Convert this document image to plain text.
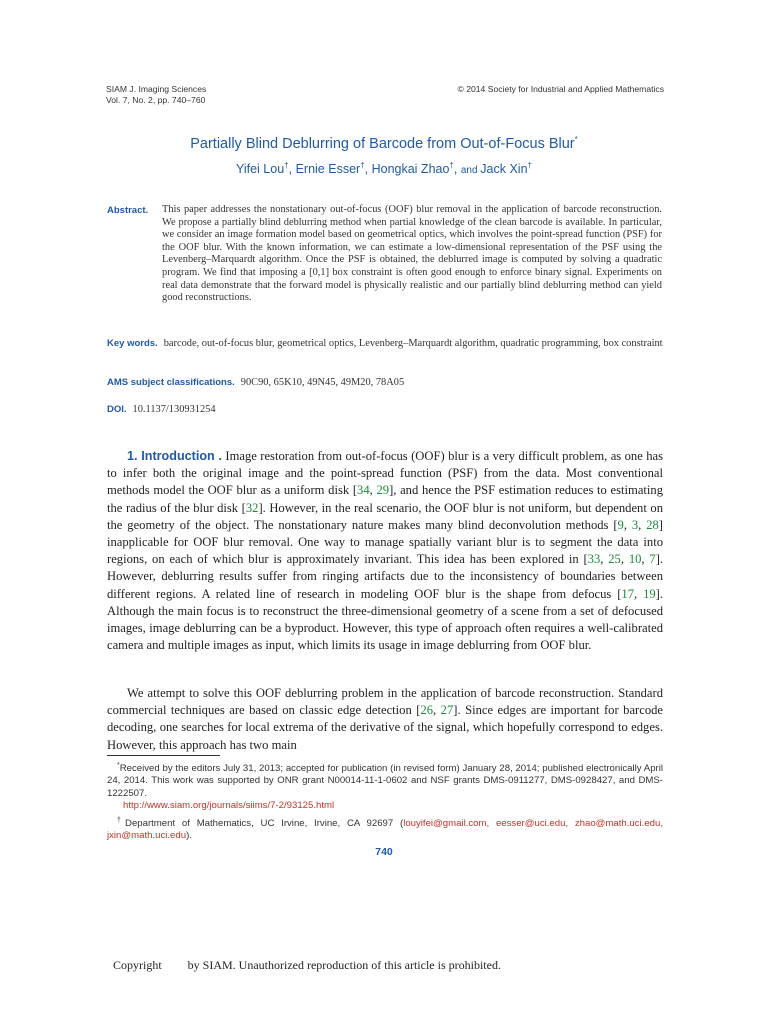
SIAM J. Imaging Sciences
Vol. 7, No. 2, pp. 740–760
© 2014 Society for Industrial and Applied Mathematics
Partially Blind Deblurring of Barcode from Out-of-Focus Blur*
Yifei Lou†, Ernie Esser†, Hongkai Zhao†, and Jack Xin†
Abstract. This paper addresses the nonstationary out-of-focus (OOF) blur removal in the application of barcode reconstruction. We propose a partially blind deblurring method when partial knowledge of the clean barcode is available. In particular, we consider an image formation model based on geometrical optics, which involves the point-spread function (PSF) for the OOF blur. With the known information, we can estimate a low-dimensional representation of the PSF using the Levenberg–Marquardt algorithm. Once the PSF is obtained, the deblurred image is computed by solving a quadratic program. We find that imposing a [0,1] box constraint is often good enough to enforce binary signal. Experiments on real data demonstrate that the forward model is physically realistic and our partially blind deblurring method can yield good reconstructions.
Key words. barcode, out-of-focus blur, geometrical optics, Levenberg–Marquardt algorithm, quadratic programming, box constraint
AMS subject classifications. 90C90, 65K10, 49N45, 49M20, 78A05
DOI. 10.1137/130931254
1. Introduction . Image restoration from out-of-focus (OOF) blur is a very difficult problem, as one has to infer both the original image and the point-spread function (PSF) from the data. Most conventional methods model the OOF blur as a uniform disk [34, 29], and hence the PSF estimation reduces to estimating the radius of the blur disk [32]. However, in the real scenario, the OOF blur is not uniform, but dependent on the geometry of the object. The nonstationary nature makes many blind deconvolution methods [9, 3, 28] inapplicable for OOF blur removal. One way to manage spatially variant blur is to segment the data into regions, on each of which blur is approximately invariant. This idea has been explored in [33, 25, 10, 7]. However, deblurring results suffer from ringing artifacts due to the inconsistency of boundaries between different regions. A related line of research in modeling OOF blur is the shape from defocus [17, 19]. Although the main focus is to reconstruct the three-dimensional geometry of a scene from a set of defocused images, image deblurring can be a byproduct. However, this type of approach often requires a well-calibrated camera and multiple images as input, which limits its usage in image deblurring from OOF blur.
We attempt to solve this OOF deblurring problem in the application of barcode reconstruction. Standard commercial techniques are based on classic edge detection [26, 27]. Since edges are important for barcode decoding, one searches for local extrema of the derivative of the signal, which hopefully correspond to edges. However, this approach has two main
*Received by the editors July 31, 2013; accepted for publication (in revised form) January 28, 2014; published electronically April 24, 2014. This work was supported by ONR grant N00014-11-1-0602 and NSF grants DMS-0911277, DMS-0928427, and DMS-1222507.
http://www.siam.org/journals/siims/7-2/93125.html
†Department of Mathematics, UC Irvine, Irvine, CA 92697 (louyifei@gmail.com, eesser@uci.edu, zhao@math.uci.edu, jxin@math.uci.edu).
740
Copyright by SIAM. Unauthorized reproduction of this article is prohibited.
